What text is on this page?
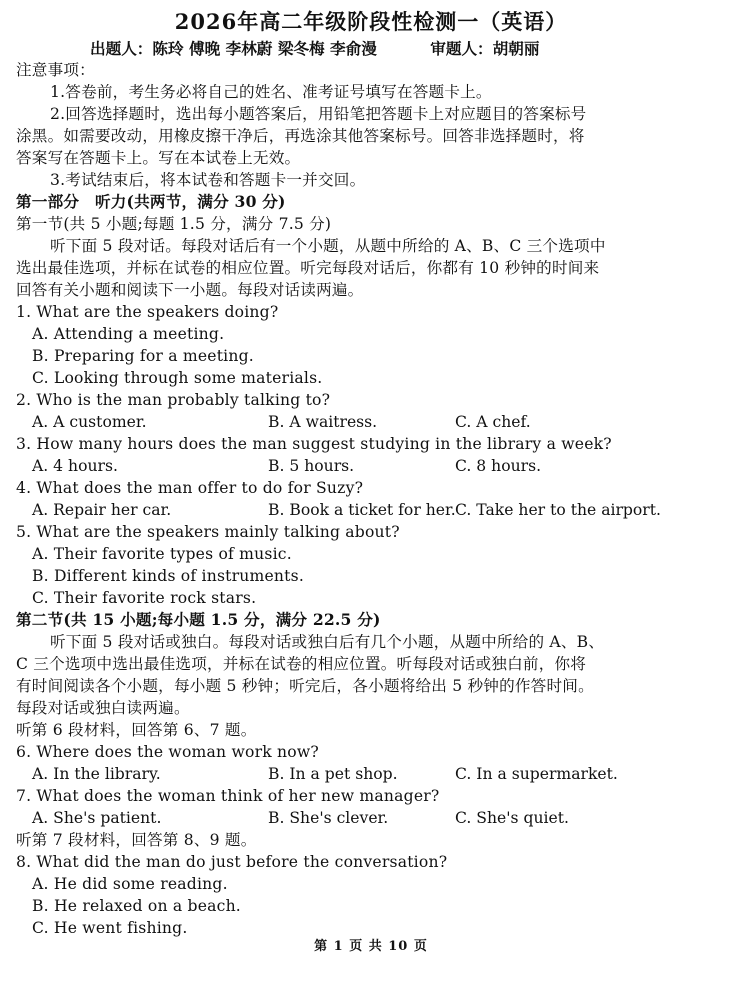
2026年高二年级阶段性检测一（英语）
出题人：陈玲 傅晚 李林蔚 梁冬梅 李俞漫	审题人：胡朝丽
注意事项：
1.答卷前，考生务必将自己的姓名、准考证号填写在答题卡上。
2.回答选择题时，选出每小题答案后，用铅笔把答题卡上对应题目的答案标号
涂黑。如需要改动，用橡皮擦干净后，再选涂其他答案标号。回答非选择题时，将
答案写在答题卡上。写在本试卷上无效。
3.考试结束后，将本试卷和答题卡一并交回。
第一部分　听力(共两节，满分 30 分)
第一节(共 5 小题;每题 1.5 分，满分 7.5 分)
听下面 5 段对话。每段对话后有一个小题，从题中所给的 A、B、C 三个选项中
选出最佳选项，并标在试卷的相应位置。听完每段对话后，你都有 10 秒钟的时间来
回答有关小题和阅读下一小题。每段对话读两遍。
1. What are the speakers doing?
A. Attending a meeting.
B. Preparing for a meeting.
C. Looking through some materials.
2. Who is the man probably talking to?
A. A customer.	B. A waitress.	C. A chef.
3. How many hours does the man suggest studying in the library a week?
A. 4 hours.	B. 5 hours.	C. 8 hours.
4. What does the man offer to do for Suzy?
A. Repair her car.	B. Book a ticket for her. C. Take her to the airport.
5. What are the speakers mainly talking about?
A. Their favorite types of music.
B. Different kinds of instruments.
C. Their favorite rock stars.
第二节(共 15 小题;每小题 1.5 分，满分 22.5 分)
听下面 5 段对话或独白。每段对话或独白后有几个小题，从题中所给的 A、B、
C 三个选项中选出最佳选项，并标在试卷的相应位置。听每段对话或独白前，你将
有时间阅读各个小题，每小题 5 秒钟；听完后，各小题将给出 5 秒钟的作答时间。
每段对话或独白读两遍。
听第 6 段材料，回答第 6、7 题。
6. Where does the woman work now?
A. In the library.	B. In a pet shop.	C. In a supermarket.
7. What does the woman think of her new manager?
A. She's patient.	B. She's clever.	C. She's quiet.
听第 7 段材料，回答第 8、9 题。
8. What did the man do just before the conversation?
A. He did some reading.
B. He relaxed on a beach.
C. He went fishing.
第 1 页 共 10 页
